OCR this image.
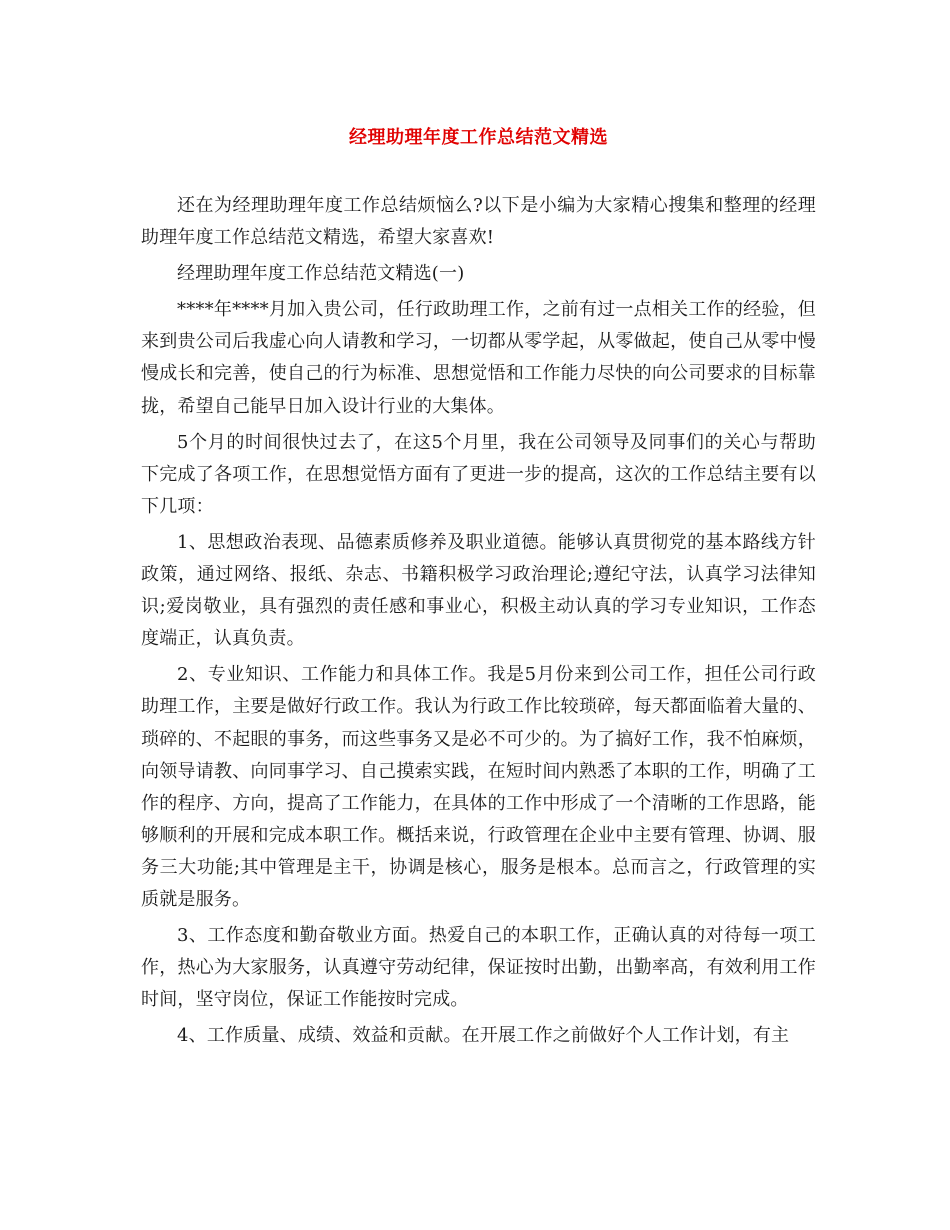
经理助理年度工作总结范文精选

还在为经理助理年度工作总结烦恼么?以下是小编为大家精心搜集和整理的经理助理年度工作总结范文精选，希望大家喜欢!

经理助理年度工作总结范文精选(一)

****年****月加入贵公司，任行政助理工作，之前有过一点相关工作的经验，但来到贵公司后我虚心向人请教和学习，一切都从零学起，从零做起，使自己从零中慢慢成长和完善，使自己的行为标准、思想觉悟和工作能力尽快的向公司要求的目标靠拢，希望自己能早日加入设计行业的大集体。

5个月的时间很快过去了，在这5个月里，我在公司领导及同事们的关心与帮助下完成了各项工作，在思想觉悟方面有了更进一步的提高，这次的工作总结主要有以下几项：

1、思想政治表现、品德素质修养及职业道德。能够认真贯彻党的基本路线方针政策，通过网络、报纸、杂志、书籍积极学习政治理论;遵纪守法，认真学习法律知识;爱岗敬业，具有强烈的责任感和事业心，积极主动认真的学习专业知识，工作态度端正，认真负责。

2、专业知识、工作能力和具体工作。我是5月份来到公司工作，担任公司行政助理工作，主要是做好行政工作。我认为行政工作比较琐碎，每天都面临着大量的、琐碎的、不起眼的事务，而这些事务又是必不可少的。为了搞好工作，我不怕麻烦，向领导请教、向同事学习、自己摸索实践，在短时间内熟悉了本职的工作，明确了工作的程序、方向，提高了工作能力，在具体的工作中形成了一个清晰的工作思路，能够顺利的开展和完成本职工作。概括来说，行政管理在企业中主要有管理、协调、服务三大功能;其中管理是主干，协调是核心，服务是根本。总而言之，行政管理的实质就是服务。

3、工作态度和勤奋敬业方面。热爱自己的本职工作，正确认真的对待每一项工作，热心为大家服务，认真遵守劳动纪律，保证按时出勤，出勤率高，有效利用工作时间，坚守岗位，保证工作能按时完成。

4、工作质量、成绩、效益和贡献。在开展工作之前做好个人工作计划，有主
